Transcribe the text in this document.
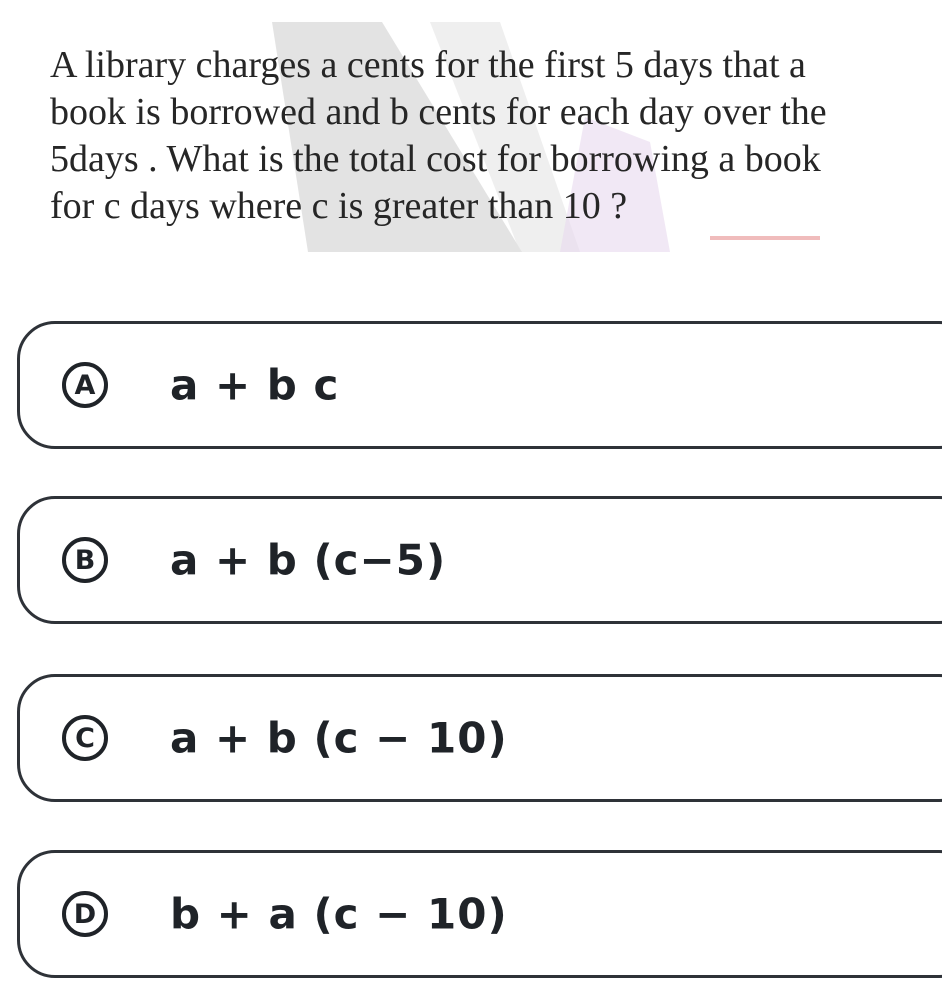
A library charges a cents for the first 5 days that a
book is borrowed and b cents for each day over the
5days . What is the total cost for borrowing a book
for c days where c is greater than 10 ?

A a + b c
B	a + b (c−5)
C	a + b (c − 10)
D b + a (c − 10)
